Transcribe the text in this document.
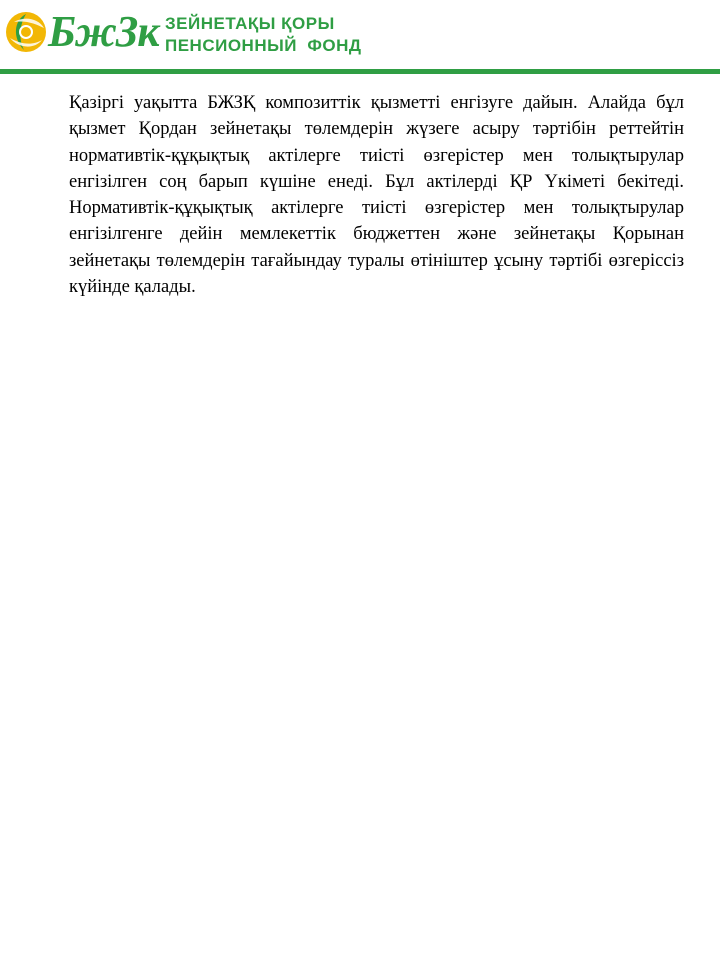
БжЗк ЗЕЙНЕТАҚЫ ҚОРЫ
ПЕНСИОННЫЙ  ФОНД
Қазіргі уақытта БЖЗҚ композиттік қызметті енгізуге дайын. Алайда бұл қызмет Қордан зейнетақы төлемдерін жүзеге асыру тәртібін реттейтін нормативтік-құқықтық актілерге тиісті өзгерістер мен толықтырулар енгізілген соң барып күшіне енеді. Бұл актілерді ҚР Үкіметі бекітеді. Нормативтік-құқықтық актілерге тиісті өзгерістер мен толықтырулар енгізілгенге дейін мемлекеттік бюджеттен және зейнетақы Қорынан зейнетақы төлемдерін тағайындау туралы өтініштер ұсыну тәртібі өзгеріссіз күйінде қалады.
